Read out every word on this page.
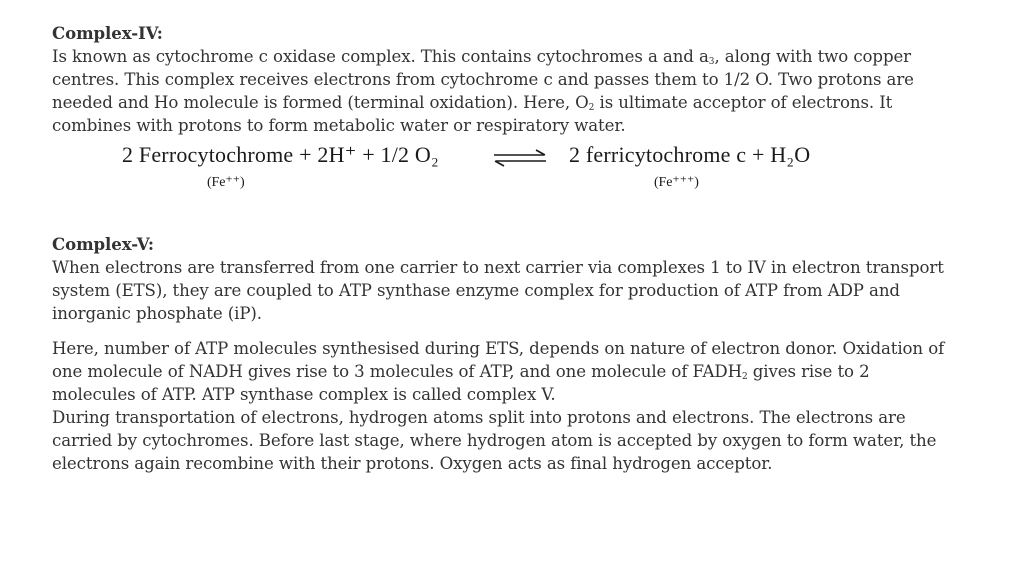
Complex-IV:

Is known as cytochrome c oxidase complex. This contains cytochromes a and $a_3$, along with two copper centres. This complex receives electrons from cytochrome c and passes them to 1/2 O. Two protons are needed and Ho molecule is formed (terminal oxidation). Here, $O_2$ is ultimate acceptor of electrons. It combines with protons to form metabolic water or respiratory water.

2 Ferrocytochrome + 2H⁺ + 1/2 O₂	⇌ 2 ferricytochrome c + H₂O
(Fe⁺⁺)	(Fe⁺⁺⁺)

Complex-V:

When electrons are transferred from one carrier to next carrier via complexes 1 to IV in electron transport system (ETS), they are coupled to ATP synthase enzyme complex for production of ATP from ADP and inorganic phosphate (iP).

Here, number of ATP molecules synthesised during ETS, depends on nature of electron donor. Oxidation of one molecule of NADH gives rise to 3 molecules of ATP, and one molecule of $FADH_2$ gives rise to 2 molecules of ATP. ATP synthase complex is called complex V.

During transportation of electrons, hydrogen atoms split into protons and electrons. The electrons are carried by cytochromes. Before last stage, where hydrogen atom is accepted by oxygen to form water, the electrons again recombine with their protons. Oxygen acts as final hydrogen acceptor.
